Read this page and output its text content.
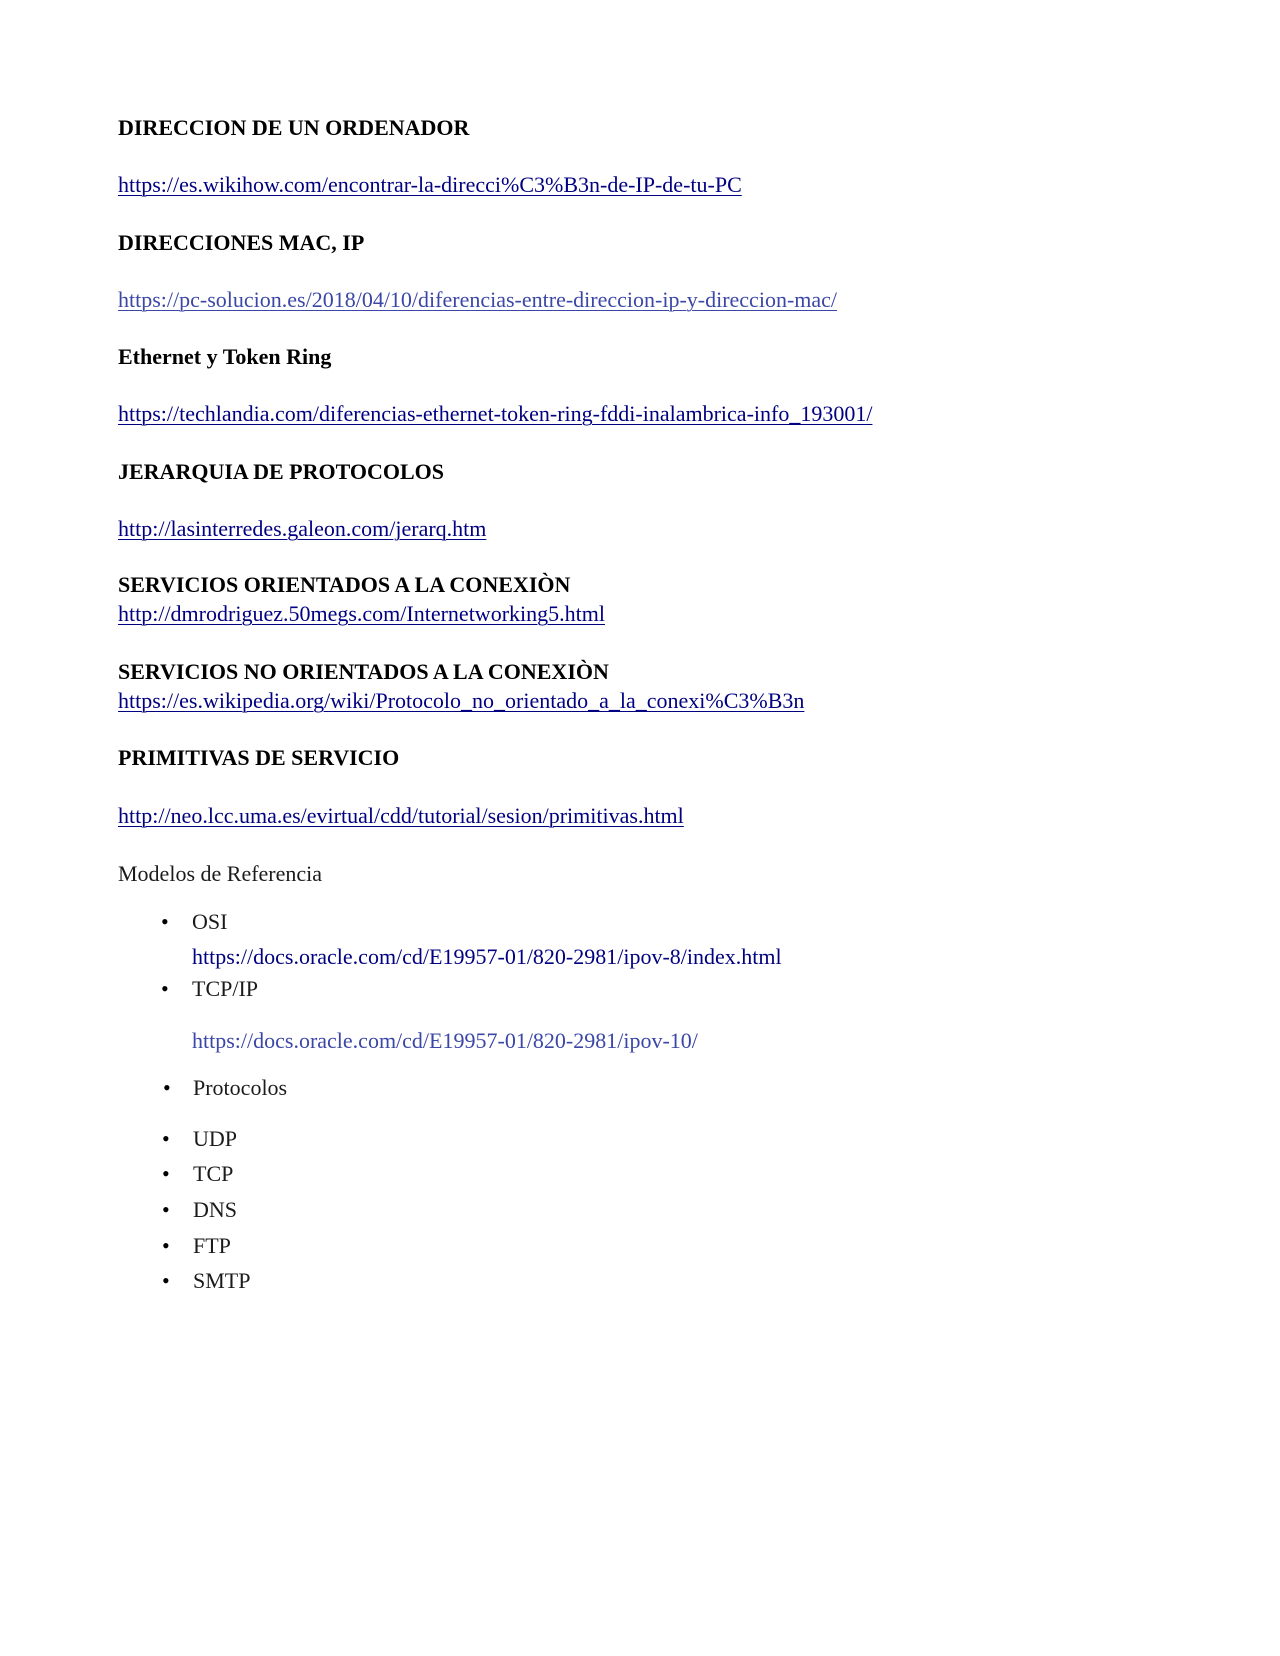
DIRECCION DE UN ORDENADOR
https://es.wikihow.com/encontrar-la-direcci%C3%B3n-de-IP-de-tu-PC
DIRECCIONES MAC, IP
https://pc-solucion.es/2018/04/10/diferencias-entre-direccion-ip-y-direccion-mac/
Ethernet y Token Ring
https://techlandia.com/diferencias-ethernet-token-ring-fddi-inalambrica-info_193001/
JERARQUIA DE PROTOCOLOS
http://lasinterredes.galeon.com/jerarq.htm
SERVICIOS ORIENTADOS A LA CONEXIÒN
http://dmrodriguez.50megs.com/Internetworking5.html
SERVICIOS NO ORIENTADOS A LA CONEXIÒN
https://es.wikipedia.org/wiki/Protocolo_no_orientado_a_la_conexi%C3%B3n
PRIMITIVAS DE SERVICIO
http://neo.lcc.uma.es/evirtual/cdd/tutorial/sesion/primitivas.html
Modelos de Referencia
• OSI
https://docs.oracle.com/cd/E19957-01/820-2981/ipov-8/index.html
• TCP/IP
https://docs.oracle.com/cd/E19957-01/820-2981/ipov-10/
• Protocolos
• UDP
• TCP
• DNS
• FTP
• SMTP
